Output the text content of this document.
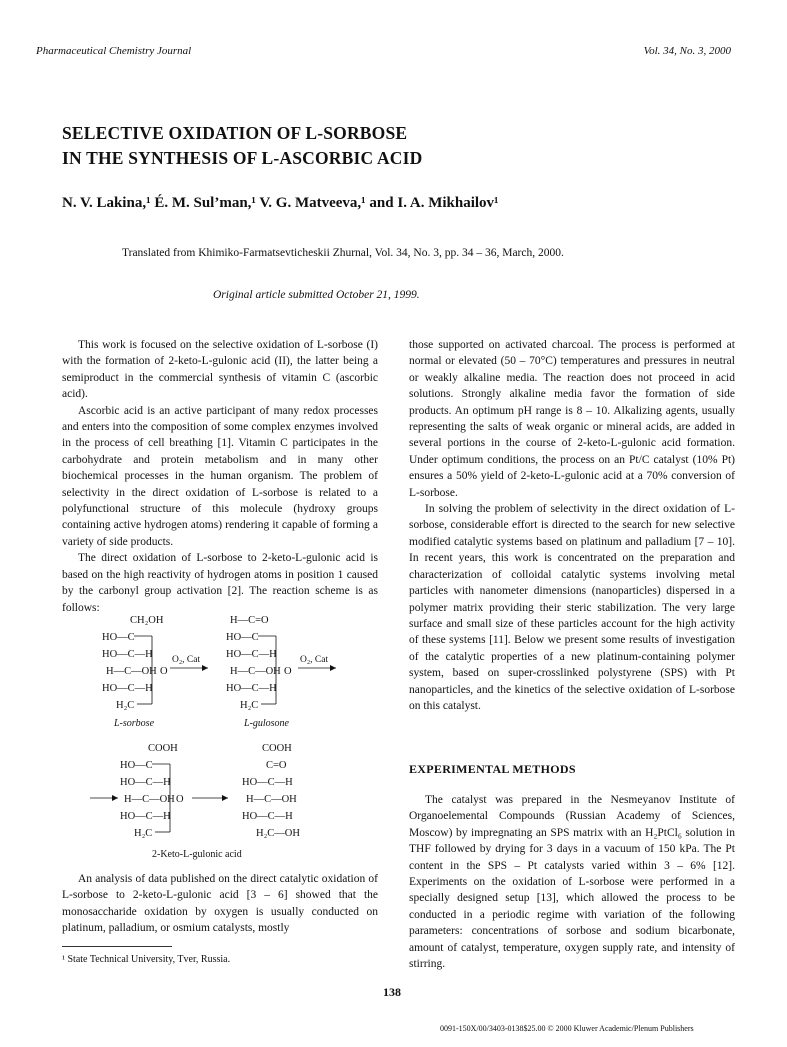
Pharmaceutical Chemistry Journal	Vol. 34, No. 3, 2000
SELECTIVE OXIDATION OF L-SORBOSE
IN THE SYNTHESIS OF L-ASCORBIC ACID
N. V. Lakina,¹ É. M. Sul’man,¹ V. G. Matveeva,¹ and I. A. Mikhailov¹
Translated from Khimiko-Farmatsevticheskii Zhurnal, Vol. 34, No. 3, pp. 34 – 36, March, 2000.
Original article submitted October 21, 1999.

This work is focused on the selective oxidation of L-sorbose (I) with the formation of 2-keto-L-gulonic acid (II), the latter being a semiproduct in the commercial synthesis of vitamin C (ascorbic acid).

Ascorbic acid is an active participant of many redox processes and enters into the composition of some complex enzymes involved in the process of cell breathing [1]. Vitamin C participates in the carbohydrate and protein metabolism and in many other biochemical processes in the human organism. The problem of selectivity in the direct oxidation of L-sorbose is related to a polyfunctional structure of this molecule (hydroxy groups containing active hydrogen atoms) rendering it capable of forming a variety of side products.

The direct oxidation of L-sorbose to 2-keto-L-gulonic acid is based on the high reactivity of hydrogen atoms in position 1 caused by the carbonyl group activation [2]. The reaction scheme is as follows:

CH₂OH
HO—C
HO—C—H
H—C—OH
HO—C—H
H₂C
O
L-sorbose
O₂, Cat
H—C=O
HO—C
HO—C—H
H—C—OH
HO—C—H
H₂C
O
L-gulosone
O₂, Cat
COOH
HO—C
HO—C—H
H—C—OH
HO—C—H
H₂C
O
COOH
C=O
HO—C—H
H—C—OH
HO—C—H
H₂C—OH
2-Keto-L-gulonic acid

An analysis of data published on the direct catalytic oxidation of L-sorbose to 2-keto-L-gulonic acid [3 – 6] showed that the monosaccharide oxidation by oxygen is usually conducted on platinum, palladium, or osmium catalysts, mostly

¹ State Technical University, Tver, Russia.

those supported on activated charcoal. The process is performed at normal or elevated (50 – 70°C) temperatures and pressures in neutral or weakly alkaline media. The reaction does not proceed in acid solutions. Strongly alkaline media favor the formation of side products. An optimum pH range is 8 – 10. Alkalizing agents, usually representing the salts of weak organic or mineral acids, are added in several portions in the course of 2-keto-L-gulonic acid formation. Under optimum conditions, the process on an Pt/C catalyst (10% Pt) ensures a 50% yield of 2-keto-L-gulonic acid at a 70% conversion of L-sorbose.

In solving the problem of selectivity in the direct oxidation of L-sorbose, considerable effort is directed to the search for new selective modified catalytic systems based on platinum and palladium [7 – 10]. In recent years, this work is concentrated on the preparation and characterization of colloidal catalytic systems involving metal particles with nanometer dimensions (nanoparticles) dispersed in a polymer matrix providing their steric stabilization. The very large surface and small size of these particles account for the high activity of these systems [11]. Below we present some results of investigation of the catalytic properties of a new platinum-containing polymer system, based on super-crosslinked polystyrene (SPS) with Pt nanoparticles, and the kinetics of the selective oxidation of L-sorbose on this catalyst.

EXPERIMENTAL METHODS

The catalyst was prepared in the Nesmeyanov Institute of Organoelemental Compounds (Russian Academy of Sciences, Moscow) by impregnating an SPS matrix with an H₂PtCl₆ solution in THF followed by drying for 3 days in a vacuum of 150 kPa. The Pt content in the SPS – Pt catalysts varied within 3 – 6% [12]. Experiments on the oxidation of L-sorbose were performed in a specially designed setup [13], which allowed the process to be conducted in a periodic regime with variation of the following parameters: concentrations of sorbose and sodium bicarbonate, amount of catalyst, temperature, oxygen supply rate, and intensity of stirring.

138
0091-150X/00/3403-0138$25.00 © 2000 Kluwer Academic/Plenum Publishers
